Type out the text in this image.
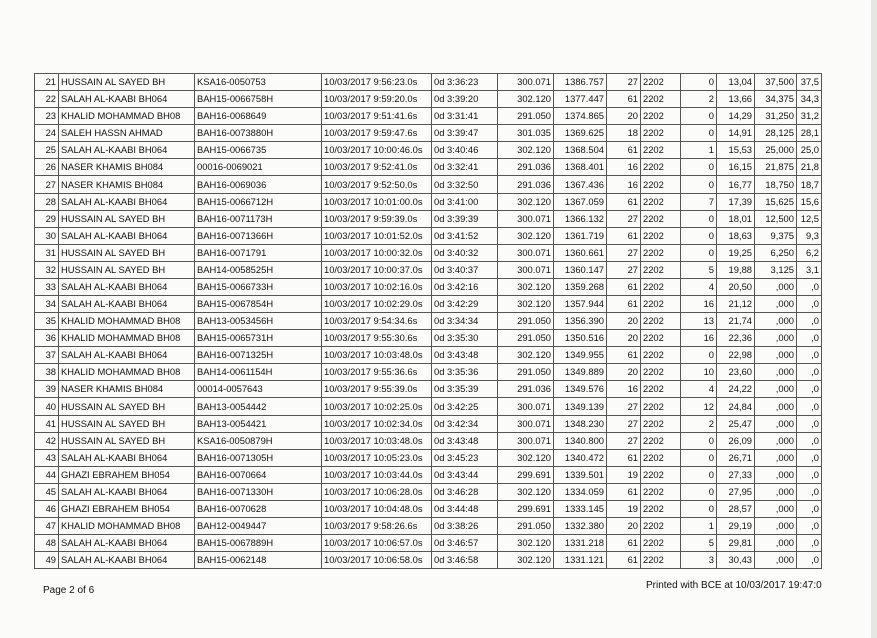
21	HUSSAIN AL SAYED BH	KSA16-0050753	10/03/2017 9:56:23.0s	0d 3:36:23	300.071	1386.757	27	2202	0	13,04	37,500	37,5
22	SALAH AL-KAABI BH064	BAH15-0066758H	10/03/2017 9:59:20.0s	0d 3:39:20	302.120	1377.447	61	2202	2	13,66	34,375	34,3
23	KHALID MOHAMMAD BH08	BAH16-0068649	10/03/2017 9:51:41.6s	0d 3:31:41	291.050	1374.865	20	2202	0	14,29	31,250	31,2
24	SALEH HASSN AHMAD	BAH16-0073880H	10/03/2017 9:59:47.6s	0d 3:39:47	301.035	1369.625	18	2202	0	14,91	28,125	28,1
25	SALAH AL-KAABI BH064	BAH15-0066735	10/03/2017 10:00:46.0s	0d 3:40:46	302.120	1368.504	61	2202	1	15,53	25,000	25,0
26	NASER KHAMIS BH084	00016-0069021	10/03/2017 9:52:41.0s	0d 3:32:41	291.036	1368.401	16	2202	0	16,15	21,875	21,8
27	NASER KHAMIS BH084	BAH16-0069036	10/03/2017 9:52:50.0s	0d 3:32:50	291.036	1367.436	16	2202	0	16,77	18,750	18,7
28	SALAH AL-KAABI BH064	BAH15-0066712H	10/03/2017 10:01:00.0s	0d 3:41:00	302.120	1367.059	61	2202	7	17,39	15,625	15,6
29	HUSSAIN AL SAYED BH	BAH16-0071173H	10/03/2017 9:59:39.0s	0d 3:39:39	300.071	1366.132	27	2202	0	18,01	12,500	12,5
30	SALAH AL-KAABI BH064	BAH16-0071366H	10/03/2017 10:01:52.0s	0d 3:41:52	302.120	1361.719	61	2202	0	18,63	9,375	9,3
31	HUSSAIN AL SAYED BH	BAH16-0071791	10/03/2017 10:00:32.0s	0d 3:40:32	300.071	1360.661	27	2202	0	19,25	6,250	6,2
32	HUSSAIN AL SAYED BH	BAH14-0058525H	10/03/2017 10:00:37.0s	0d 3:40:37	300.071	1360.147	27	2202	5	19,88	3,125	3,1
33	SALAH AL-KAABI BH064	BAH15-0066733H	10/03/2017 10:02:16.0s	0d 3:42:16	302.120	1359.268	61	2202	4	20,50	,000	,0
34	SALAH AL-KAABI BH064	BAH15-0067854H	10/03/2017 10:02:29.0s	0d 3:42:29	302.120	1357.944	61	2202	16	21,12	,000	,0
35	KHALID MOHAMMAD BH08	BAH13-0053456H	10/03/2017 9:54:34.6s	0d 3:34:34	291.050	1356.390	20	2202	13	21,74	,000	,0
36	KHALID MOHAMMAD BH08	BAH15-0065731H	10/03/2017 9:55:30.6s	0d 3:35:30	291.050	1350.516	20	2202	16	22,36	,000	,0
37	SALAH AL-KAABI BH064	BAH16-0071325H	10/03/2017 10:03:48.0s	0d 3:43:48	302.120	1349.955	61	2202	0	22,98	,000	,0
38	KHALID MOHAMMAD BH08	BAH14-0061154H	10/03/2017 9:55:36.6s	0d 3:35:36	291.050	1349.889	20	2202	10	23,60	,000	,0
39	NASER KHAMIS BH084	00014-0057643	10/03/2017 9:55:39.0s	0d 3:35:39	291.036	1349.576	16	2202	4	24,22	,000	,0
40	HUSSAIN AL SAYED BH	BAH13-0054442	10/03/2017 10:02:25.0s	0d 3:42:25	300.071	1349.139	27	2202	12	24,84	,000	,0
41	HUSSAIN AL SAYED BH	BAH13-0054421	10/03/2017 10:02:34.0s	0d 3:42:34	300.071	1348.230	27	2202	2	25,47	,000	,0
42	HUSSAIN AL SAYED BH	KSA16-0050879H	10/03/2017 10:03:48.0s	0d 3:43:48	300.071	1340.800	27	2202	0	26,09	,000	,0
43	SALAH AL-KAABI BH064	BAH16-0071305H	10/03/2017 10:05:23.0s	0d 3:45:23	302.120	1340.472	61	2202	0	26,71	,000	,0
44	GHAZI EBRAHEM BH054	BAH16-0070664	10/03/2017 10:03:44.0s	0d 3:43:44	299.691	1339.501	19	2202	0	27,33	,000	,0
45	SALAH AL-KAABI BH064	BAH16-0071330H	10/03/2017 10:06:28.0s	0d 3:46:28	302.120	1334.059	61	2202	0	27,95	,000	,0
46	GHAZI EBRAHEM BH054	BAH16-0070628	10/03/2017 10:04:48.0s	0d 3:44:48	299.691	1333.145	19	2202	0	28,57	,000	,0
47	KHALID MOHAMMAD BH08	BAH12-0049447	10/03/2017 9:58:26.6s	0d 3:38:26	291.050	1332.380	20	2202	1	29,19	,000	,0
48	SALAH AL-KAABI BH064	BAH15-0067889H	10/03/2017 10:06:57.0s	0d 3:46:57	302.120	1331.218	61	2202	5	29,81	,000	,0
49	SALAH AL-KAABI BH064	BAH15-0062148	10/03/2017 10:06:58.0s	0d 3:46:58	302.120	1331.121	61	2202	3	30,43	,000	,0
Page 2 of 6	Printed with BCE at 10/03/2017 19:47:0
